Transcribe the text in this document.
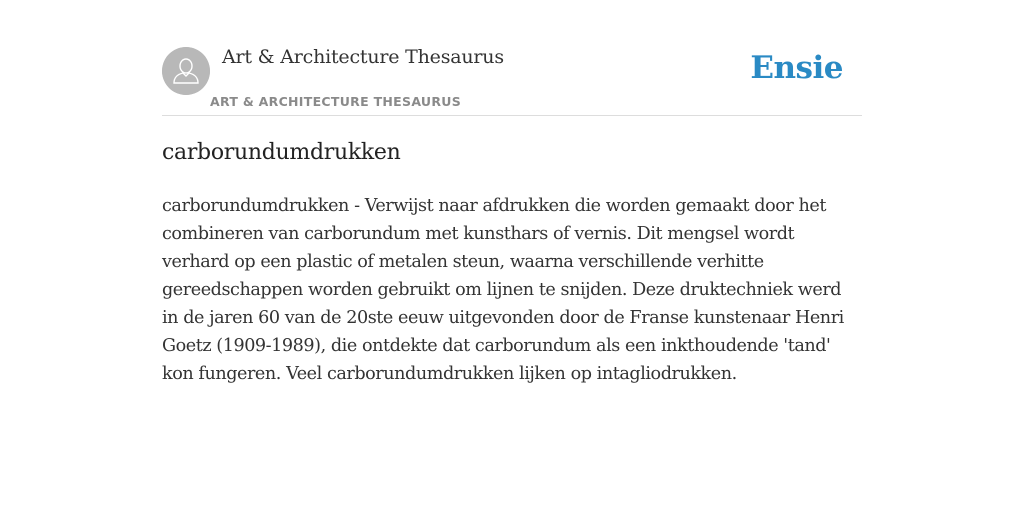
Art & Architecture Thesaurus
ART & ARCHITECTURE THESAURUS
Ensie
carborundumdrukken

carborundumdrukken - Verwijst naar afdrukken die worden gemaakt door het combineren van carborundum met kunsthars of vernis. Dit mengsel wordt verhard op een plastic of metalen steun, waarna verschillende verhitte gereedschappen worden gebruikt om lijnen te snijden. Deze druktechniek werd in de jaren 60 van de 20ste eeuw uitgevonden door de Franse kunstenaar Henri Goetz (1909-1989), die ontdekte dat carborundum als een inkthoudende 'tand' kon fungeren. Veel carborundumdrukken lijken op intagliodrukken.
